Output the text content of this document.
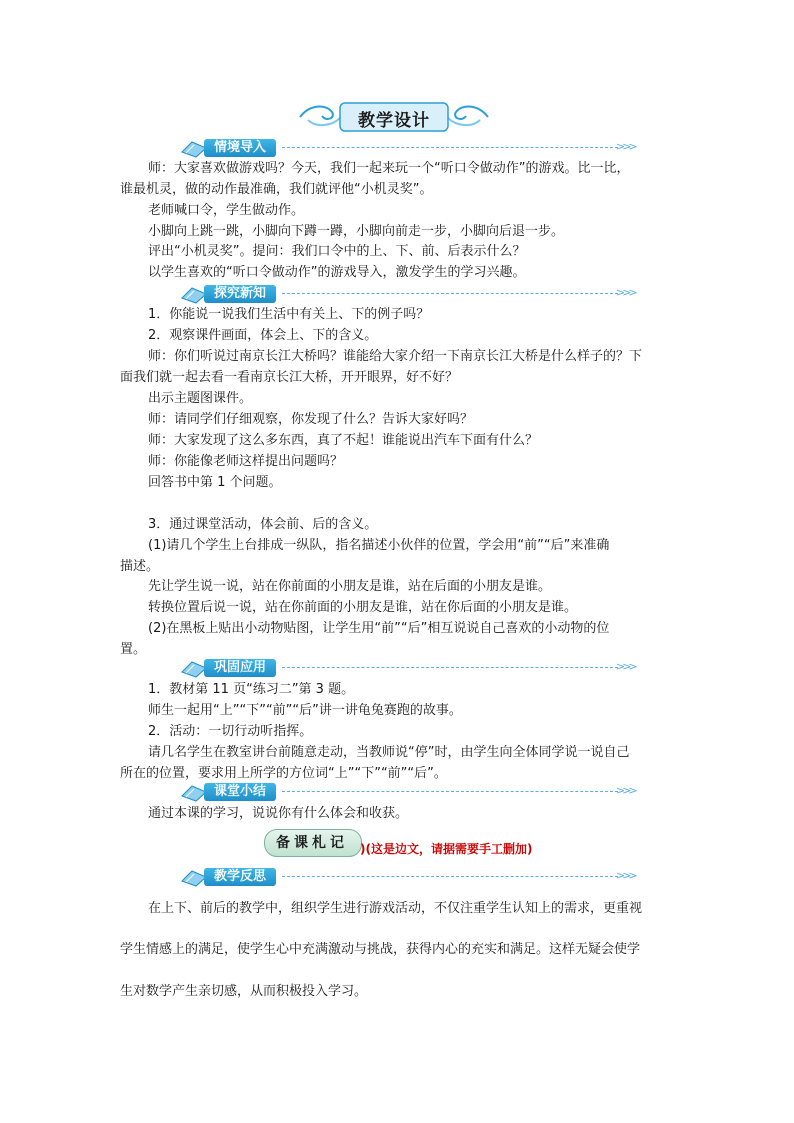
教学设计
情境导入	>>>
师：大家喜欢做游戏吗？今天，我们一起来玩一个“听口令做动作”的游戏。比一比，
谁最机灵，做的动作最准确，我们就评他“小机灵奖”。
老师喊口令，学生做动作。
小脚向上跳一跳，小脚向下蹲一蹲，小脚向前走一步，小脚向后退一步。
评出“小机灵奖”。提问：我们口令中的上、下、前、后表示什么？
以学生喜欢的“听口令做动作”的游戏导入，激发学生的学习兴趣。
探究新知	>>>
1．你能说一说我们生活中有关上、下的例子吗？
2．观察课件画面，体会上、下的含义。
师：你们听说过南京长江大桥吗？谁能给大家介绍一下南京长江大桥是什么样子的？下
面我们就一起去看一看南京长江大桥，开开眼界，好不好？
出示主题图课件。
师：请同学们仔细观察，你发现了什么？告诉大家好吗？
师：大家发现了这么多东西，真了不起！谁能说出汽车下面有什么？
师：你能像老师这样提出问题吗？
回答书中第 1 个问题。
3．通过课堂活动，体会前、后的含义。
(1)请几个学生上台排成一纵队，指名描述小伙伴的位置，学会用“前”“后”来准确
描述。
先让学生说一说，站在你前面的小朋友是谁，站在后面的小朋友是谁。
转换位置后说一说，站在你前面的小朋友是谁，站在你后面的小朋友是谁。
(2)在黑板上贴出小动物贴图，让学生用“前”“后”相互说说自己喜欢的小动物的位
置。
巩固应用	>>>
1．教材第 11 页“练习二”第 3 题。
师生一起用“上”“下”“前”“后”讲一讲龟兔赛跑的故事。
2．活动：一切行动听指挥。
请几名学生在教室讲台前随意走动，当教师说“停”时，由学生向全体同学说一说自己
所在的位置，要求用上所学的方位词“上”“下”“前”“后”。
课堂小结	>>>
通过本课的学习，说说你有什么体会和收获。
备课札记	)(这是边文，请据需要手工删加)
教学反思	>>>
在上下、前后的教学中，组织学生进行游戏活动，不仅注重学生认知上的需求，更重视
学生情感上的满足，使学生心中充满激动与挑战，获得内心的充实和满足。这样无疑会使学
生对数学产生亲切感，从而积极投入学习。
